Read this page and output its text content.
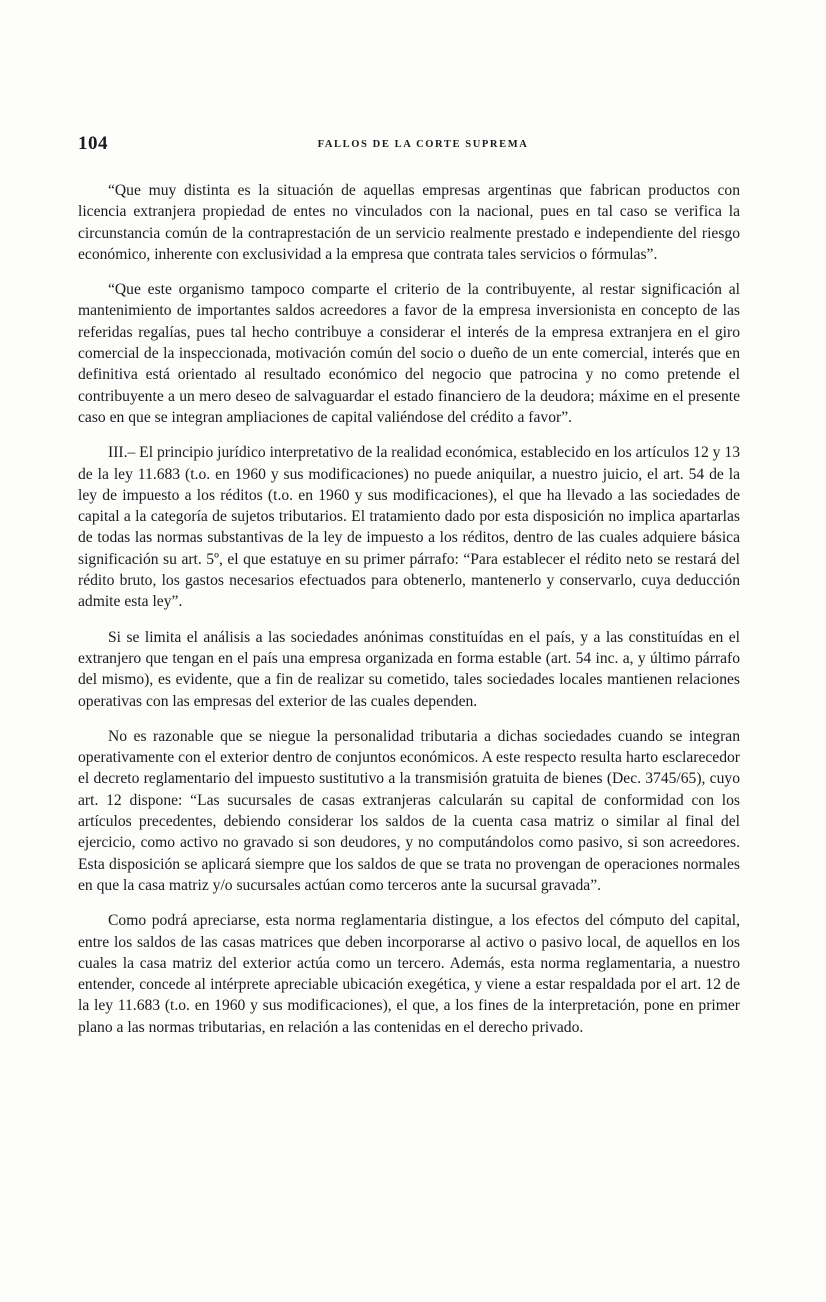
104	FALLOS DE LA CORTE SUPREMA

“Que muy distinta es la situación de aquellas empresas argentinas que fabrican productos con licencia extranjera propiedad de entes no vinculados con la nacional, pues en tal caso se verifica la circunstancia común de la contraprestación de un servicio realmente prestado e independiente del riesgo económico, inherente con exclusividad a la empresa que contrata tales servicios o fórmulas”.

“Que este organismo tampoco comparte el criterio de la contribuyente, al restar significación al mantenimiento de importantes saldos acreedores a favor de la empresa inversionista en concepto de las referidas regalías, pues tal hecho contribuye a considerar el interés de la empresa extranjera en el giro comercial de la inspeccionada, motivación común del socio o dueño de un ente comercial, interés que en definitiva está orientado al resultado económico del negocio que patrocina y no como pretende el contribuyente a un mero deseo de salvaguardar el estado financiero de la deudora; máxime en el presente caso en que se integran ampliaciones de capital valiéndose del crédito a favor”.

III.– El principio jurídico interpretativo de la realidad económica, establecido en los artículos 12 y 13 de la ley 11.683 (t.o. en 1960 y sus modificaciones) no puede aniquilar, a nuestro juicio, el art. 54 de la ley de impuesto a los réditos (t.o. en 1960 y sus modificaciones), el que ha llevado a las sociedades de capital a la categoría de sujetos tributarios. El tratamiento dado por esta disposición no implica apartarlas de todas las normas substantivas de la ley de impuesto a los réditos, dentro de las cuales adquiere básica significación su art. 5º, el que estatuye en su primer párrafo: “Para establecer el rédito neto se restará del rédito bruto, los gastos necesarios efectuados para obtenerlo, mantenerlo y conservarlo, cuya deducción admite esta ley”.

Si se limita el análisis a las sociedades anónimas constituídas en el país, y a las constituídas en el extranjero que tengan en el país una empresa organizada en forma estable (art. 54 inc. a, y último párrafo del mismo), es evidente, que a fin de realizar su cometido, tales sociedades locales mantienen relaciones operativas con las empresas del exterior de las cuales dependen.

No es razonable que se niegue la personalidad tributaria a dichas sociedades cuando se integran operativamente con el exterior dentro de conjuntos económicos. A este respecto resulta harto esclarecedor el decreto reglamentario del impuesto sustitutivo a la transmisión gratuita de bienes (Dec. 3745/65), cuyo art. 12 dispone: “Las sucursales de casas extranjeras calcularán su capital de conformidad con los artículos precedentes, debiendo considerar los saldos de la cuenta casa matriz o similar al final del ejercicio, como activo no gravado si son deudores, y no computándolos como pasivo, si son acreedores. Esta disposición se aplicará siempre que los saldos de que se trata no provengan de operaciones normales en que la casa matriz y/o sucursales actúan como terceros ante la sucursal gravada”.

Como podrá apreciarse, esta norma reglamentaria distingue, a los efectos del cómputo del capital, entre los saldos de las casas matrices que deben incorporarse al activo o pasivo local, de aquellos en los cuales la casa matriz del exterior actúa como un tercero. Además, esta norma reglamentaria, a nuestro entender, concede al intérprete apreciable ubicación exegética, y viene a estar respaldada por el art. 12 de la ley 11.683 (t.o. en 1960 y sus modificaciones), el que, a los fines de la interpretación, pone en primer plano a las normas tributarias, en relación a las contenidas en el derecho privado.
